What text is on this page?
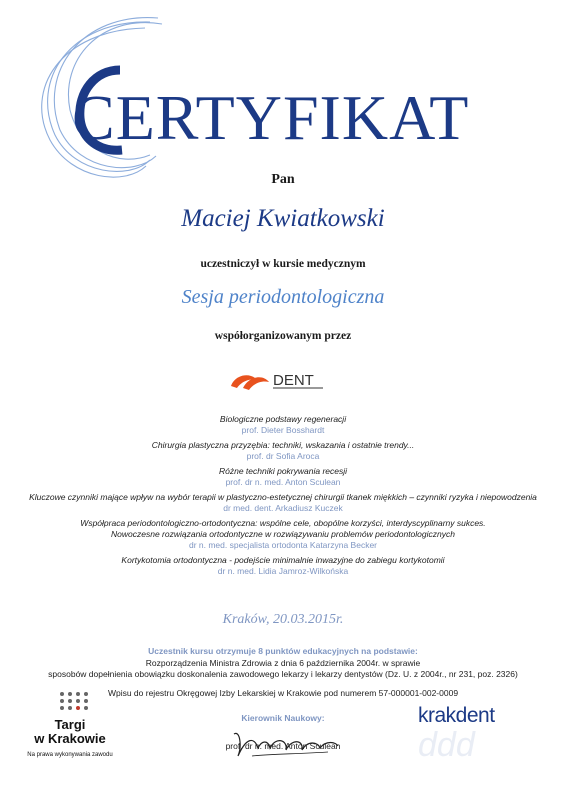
CERTYFIKAT
Pan
Maciej Kwiatkowski
uczestniczył w kursie medycznym
Sesja periodontologiczna
współorganizowanym przez
DENT
Biologiczne podstawy regeneracji
prof. Dieter Bosshardt
Chirurgia plastyczna przyzębia: techniki, wskazania i ostatnie trendy...
prof. dr Sofia Aroca
Różne techniki pokrywania recesji
prof. dr n. med. Anton Sculean
Kluczowe czynniki mające wpływ na wybór terapii w plastyczno-estetycznej chirurgii tkanek miękkich – czynniki ryzyka i niepowodzenia
dr med. dent. Arkadiusz Kuczek
Współpraca periodontologiczno-ortodontyczna: wspólne cele, obopólne korzyści, interdyscyplinarny sukces.
Nowoczesne rozwiązania ortodontyczne w rozwiązywaniu problemów periodontologicznych
dr n. med. specjalista ortodonta Katarzyna Becker
Kortykotomia ortodontyczna - podejście minimalnie inwazyjne do zabiegu kortykotomii
dr n. med. Lidia Jamroz-Wilkońska
Kraków, 20.03.2015r.
Uczestnik kursu otrzymuje 8 punktów edukacyjnych na podstawie:
Rozporządzenia Ministra Zdrowia z dnia 6 października 2004r. w sprawie
sposobów dopełnienia obowiązku doskonalenia zawodowego lekarzy i lekarzy dentystów (Dz. U. z 2004r., nr 231, poz. 2326)
Wpisu do rejestru Okręgowej Izby Lekarskiej w Krakowie pod numerem 57-000001-002-0009
Kierownik Naukowy:
prof. dr n. med. Anton Sculean
Targi
w Krakowie
Na prawa wykonywania zawodu	ddd
krakdent
